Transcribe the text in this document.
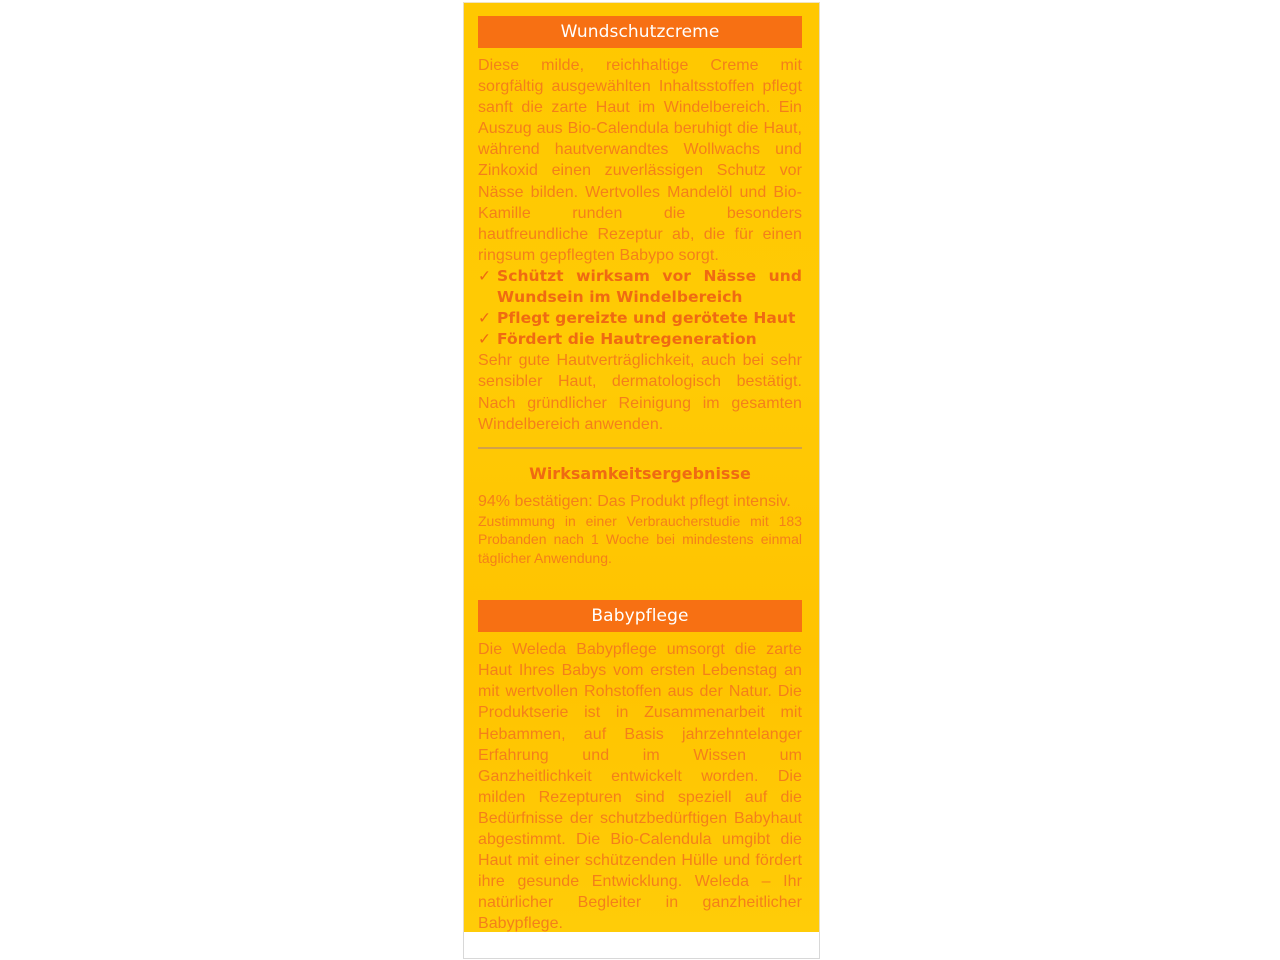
Wundschutzcreme
Diese milde, reichhaltige Creme mit sorgfältig ausgewählten Inhaltsstoffen pflegt sanft die zarte Haut im Windelbereich. Ein Auszug aus Bio-Calendula beruhigt die Haut, während hautverwandtes Wollwachs und Zinkoxid einen zuverlässigen Schutz vor Nässe bilden. Wertvolles Mandelöl und Bio-Kamille runden die besonders hautfreundliche Rezeptur ab, die für einen ringsum gepflegten Babypo sorgt.
✓ Schützt wirksam vor Nässe und Wundsein im Windelbereich
✓ Pflegt gereizte und gerötete Haut
✓ Fördert die Hautregeneration
Sehr gute Hautverträglichkeit, auch bei sehr sensibler Haut, dermatologisch bestätigt. Nach gründlicher Reinigung im gesamten Windelbereich anwenden.
Wirksamkeitsergebnisse
94% bestätigen: Das Produkt pflegt intensiv.
Zustimmung in einer Verbraucherstudie mit 183 Probanden nach 1 Woche bei mindestens einmal täglicher Anwendung.
Babypflege
Die Weleda Babypflege umsorgt die zarte Haut Ihres Babys vom ersten Lebenstag an mit wertvollen Rohstoffen aus der Natur. Die Produktserie ist in Zusammenarbeit mit Hebammen, auf Basis jahrzehntelanger Erfahrung und im Wissen um Ganzheitlichkeit entwickelt worden. Die milden Rezepturen sind speziell auf die Bedürfnisse der schutzbedürftigen Babyhaut abgestimmt. Die Bio-Calendula umgibt die Haut mit einer schützenden Hülle und fördert ihre gesunde Entwicklung. Weleda – Ihr natürlicher Begleiter in ganzheitlicher Babypflege.
